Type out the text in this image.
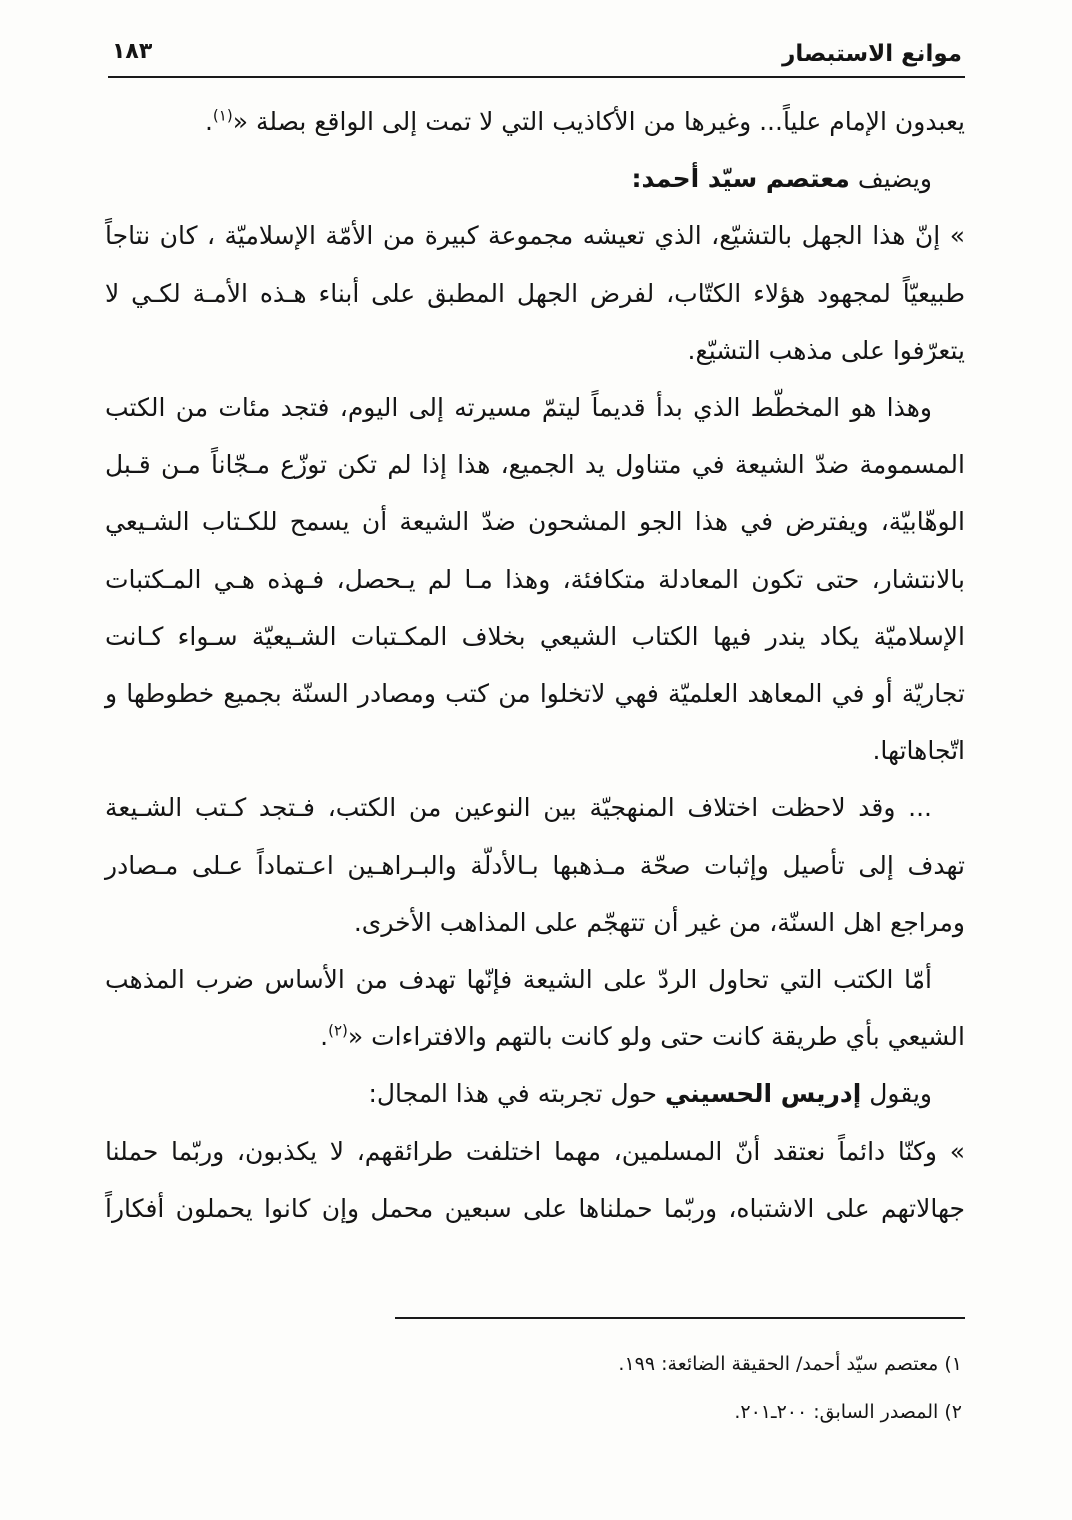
موانع الاستبصار
١٨٣
يعبدون الإمام علياً... وغيرها من الأكاذيب التي لا تمت إلى الواقع بصلة »$^{(١)}$.
ويضيف معتصم سيّد أحمد:
« إنّ هذا الجهل بالتشيّع، الذي تعيشه مجموعة كبيرة من الأمّة الإسلاميّة ، كان نتاجاً
طبيعيّاً لمجهود هؤلاء الكتّاب، لفرض الجهل المطبق على أبناء هـذه الأمـة لكـي لا
يتعرّفوا على مذهب التشيّع.
وهذا هو المخطّط الذي بدأ قديماً ليتمّ مسيرته إلى اليوم، فتجد مئات من الكتب
المسمومة ضدّ الشيعة في متناول يد الجميع، هذا إذا لم تكن توزّع مـجّاناً مـن قـبل
الوهّابيّة، ويفترض في هذا الجو المشحون ضدّ الشيعة أن يسمح للكـتاب الشـيعي
بالانتشار، حتى تكون المعادلة متكافئة، وهذا مـا لم يـحصل، فـهذه هـي المـكتبات
الإسلاميّة يكاد يندر فيها الكتاب الشيعي بخلاف المكـتبات الشـيعيّة سـواء كـانت
تجاريّة أو في المعاهد العلميّة فهي لاتخلوا من كتب ومصادر السنّة بجميع خطوطها و
اتّجاهاتها.
... وقد لاحظت اختلاف المنهجيّة بين النوعين من الكتب، فـتجد كـتب الشـيعة
تهدف إلى تأصيل وإثبات صحّة مـذهبها بـالأدلّة والبـراهـين اعـتماداً عـلى مـصادر
ومراجع اهل السنّة، من غير أن تتهجّم على المذاهب الأخرى.
أمّا الكتب التي تحاول الردّ على الشيعة فإنّها تهدف من الأساس ضرب المذهب
الشيعي بأي طريقة كانت حتى ولو كانت بالتهم والافتراءات »$^{(٢)}$.
ويقول إدريس الحسيني حول تجربته في هذا المجال:
« وكنّا دائماً نعتقد أنّ المسلمين، مهما اختلفت طرائقهم، لا يكذبون، وربّما حملنا
جهالاتهم على الاشتباه، وربّما حملناها على سبعين محمل وإن كانوا يحملون أفكاراً
١) معتصم سيّد أحمد/ الحقيقة الضائعة: ١٩٩.
٢) المصدر السابق: ٢٠٠ـ٢٠١.
